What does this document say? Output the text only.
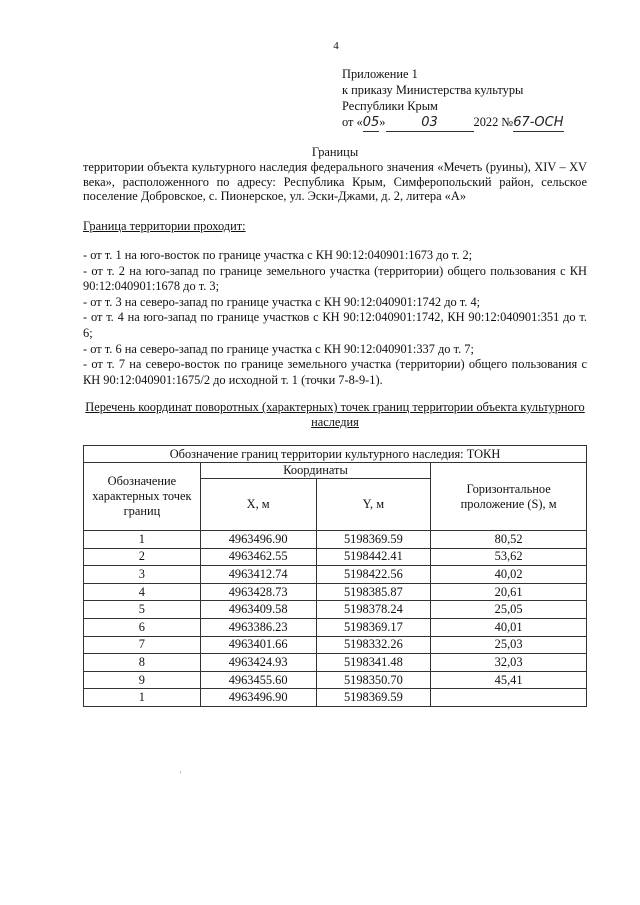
4
Приложение 1
к приказу Министерства культуры
Республики Крым
от «05»	03	2022 №67-ОСН
Границы
территории объекта культурного наследия федерального значения «Мечеть (руины), XIV – XV века», расположенного по адресу: Республика Крым, Симферопольский район, сельское поселение Добровское, с. Пионерское, ул. Эски-Джами, д. 2, литера «А»
Граница территории проходит:
- от т. 1 на юго-восток по границе участка с КН 90:12:040901:1673 до т. 2;
- от т. 2 на юго-запад по границе земельного участка (территории) общего пользования с КН 90:12:040901:1678 до т. 3;
- от т. 3 на северо-запад по границе участка с КН 90:12:040901:1742 до т. 4;
- от т. 4 на юго-запад по границе участков с КН 90:12:040901:1742, КН 90:12:040901:351 до т. 6;
- от т. 6 на северо-запад по границе участка с КН 90:12:040901:337 до т. 7;
- от т. 7 на северо-восток по границе земельного участка (территории) общего пользования с КН 90:12:040901:1675/2 до исходной т. 1 (точки 7-8-9-1).
Перечень координат поворотных (характерных) точек границ территории объекта культурного наследия
Обозначение границ территории культурного наследия: ТОКН			
Обозначение характерных точек границ	Координаты		Горизонтальное проложение (S), м
	X, м	Y, м	
1	4963496.90	5198369.59	80,52
2	4963462.55	5198442.41	53,62
3	4963412.74	5198422.56	40,02
4	4963428.73	5198385.87	20,61
5	4963409.58	5198378.24	25,05
6	4963386.23	5198369.17	40,01
7	4963401.66	5198332.26	25,03
8	4963424.93	5198341.48	32,03
9	4963455.60	5198350.70	45,41
1	4963496.90	5198369.59	
'
